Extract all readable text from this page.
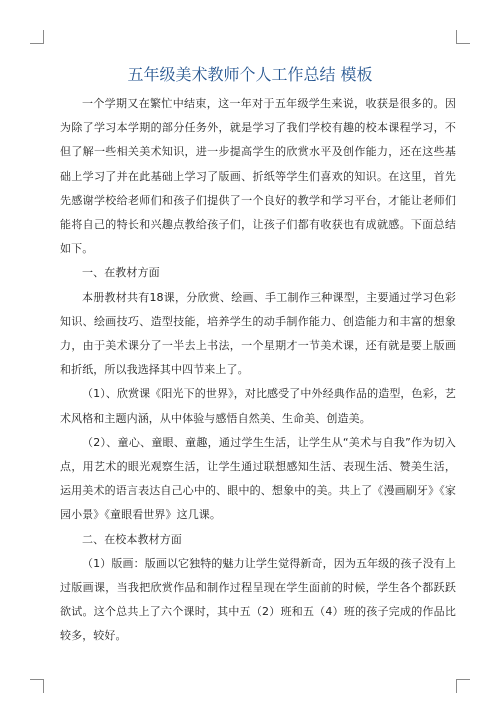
五年级美术教师个人工作总结 模板

一个学期又在繁忙中结束，这一年对于五年级学生来说，收获是很多的。因为除了学习本学期的部分任务外，就是学习了我们学校有趣的校本课程学习，不但了解一些相关美术知识，进一步提高学生的欣赏水平及创作能力，还在这些基础上学习了并在此基础上学习了版画、折纸等学生们喜欢的知识。在这里，首先先感谢学校给老师们和孩子们提供了一个良好的教学和学习平台，才能让老师们能将自己的特长和兴趣点教给孩子们，让孩子们都有收获也有成就感。下面总结如下。

一、在教材方面

本册教材共有18课，分欣赏、绘画、手工制作三种课型，主要通过学习色彩知识、绘画技巧、造型技能，培养学生的动手制作能力、创造能力和丰富的想象力，由于美术课分了一半去上书法，一个星期才一节美术课，还有就是要上版画和折纸，所以我选择其中四节来上了。

（1）、欣赏课《阳光下的世界》，对比感受了中外经典作品的造型，色彩，艺术风格和主题内涵，从中体验与感悟自然美、生命美、创造美。

（2）、童心、童眼、童趣，通过学生生活，让学生从“美术与自我”作为切入点，用艺术的眼光观察生活，让学生通过联想感知生活、表现生活、赞美生活，运用美术的语言表达自己心中的、眼中的、想象中的美。共上了《漫画刷牙》《家园小景》《童眼看世界》这几课。

二、在校本教材方面

（1）版画：版画以它独特的魅力让学生觉得新奇，因为五年级的孩子没有上过版画课，当我把欣赏作品和制作过程呈现在学生面前的时候，学生各个都跃跃欲试。这个总共上了六个课时，其中五（2）班和五（4）班的孩子完成的作品比较多，较好。
